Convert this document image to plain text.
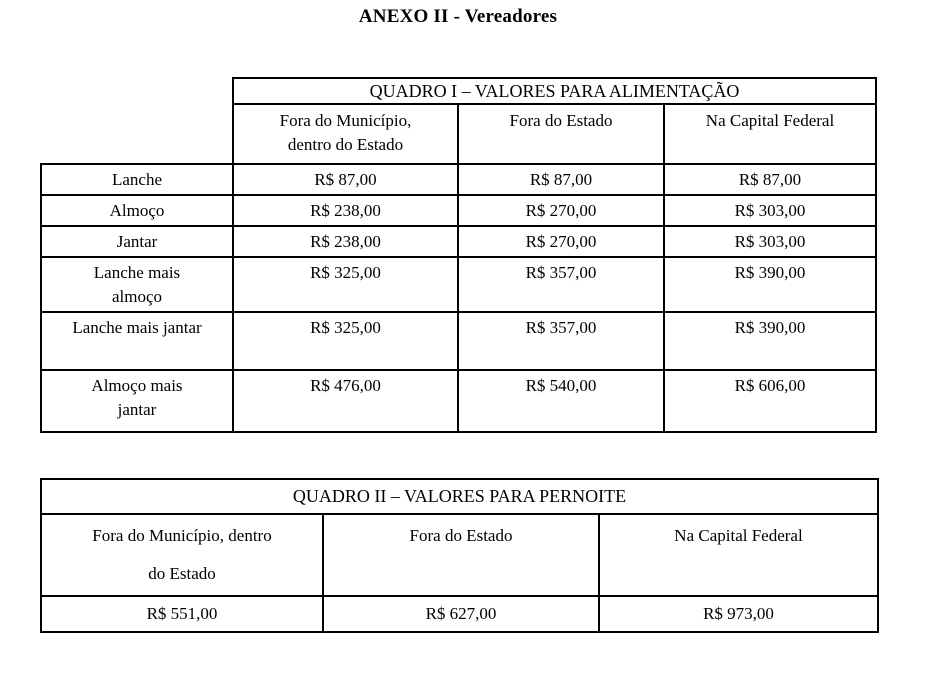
ANEXO II - Vereadores
	QUADRO I – VALORES PARA ALIMENTAÇÃO		

	Fora do Município,
dentro do Estado	Fora do Estado	Na Capital Federal

Lanche	R$ 87,00	R$ 87,00	R$ 87,00

Almoço	R$ 238,00	R$ 270,00	R$ 303,00

Jantar	R$ 238,00	R$ 270,00	R$ 303,00

Lanche mais
almoço	R$ 325,00	R$ 357,00	R$ 390,00

Lanche mais jantar	R$ 325,00	R$ 357,00	R$ 390,00

Almoço mais
jantar	R$ 476,00	R$ 540,00	R$ 606,00
QUADRO II – VALORES PARA PERNOITE		

Fora do Município, dentro
do Estado	Fora do Estado	Na Capital Federal

R$ 551,00	R$ 627,00	R$ 973,00
